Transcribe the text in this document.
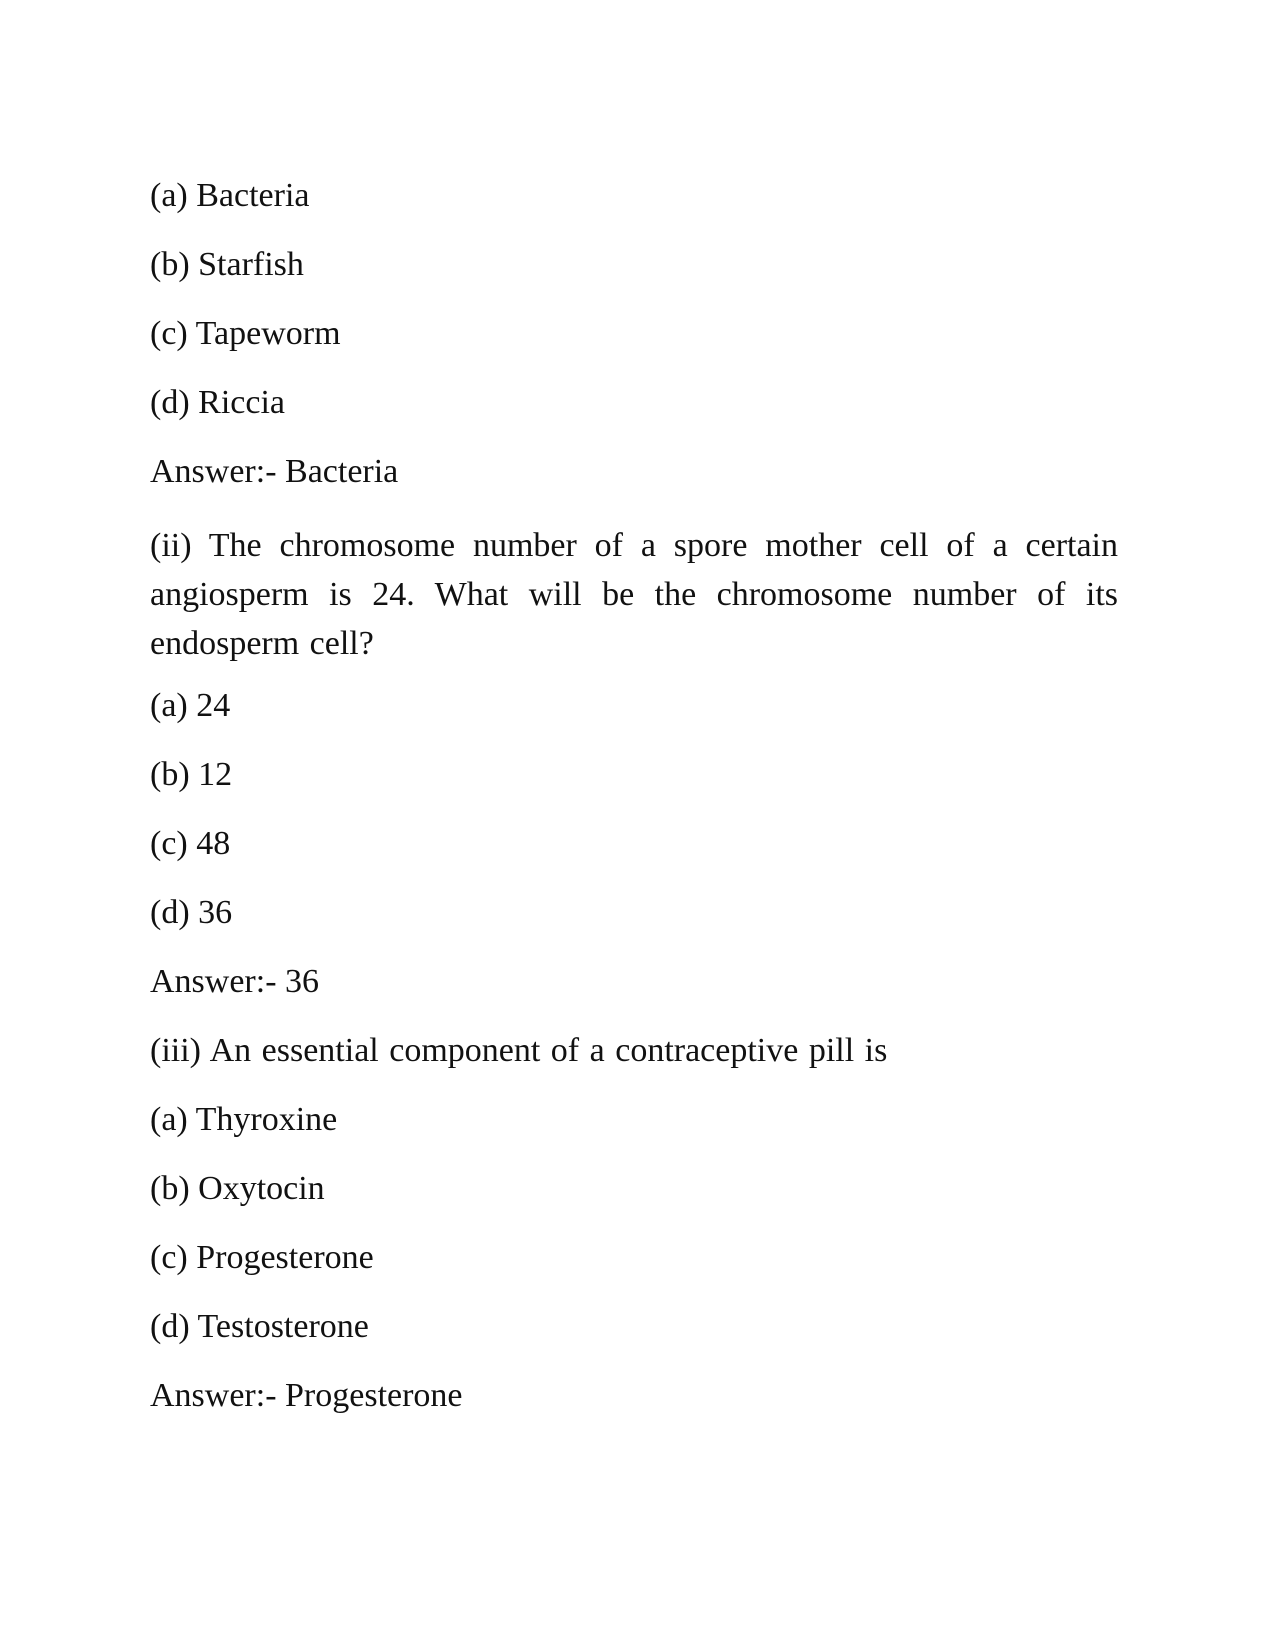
(a) Bacteria
(b) Starfish
(c) Tapeworm
(d) Riccia
Answer:- Bacteria
(ii) The chromosome number of a spore mother cell of a certain angiosperm is 24. What will be the chromosome number of its endosperm cell?
(a) 24
(b) 12
(c) 48
(d) 36
Answer:- 36
(iii) An essential component of a contraceptive pill is
(a) Thyroxine
(b) Oxytocin
(c) Progesterone
(d) Testosterone
Answer:- Progesterone
